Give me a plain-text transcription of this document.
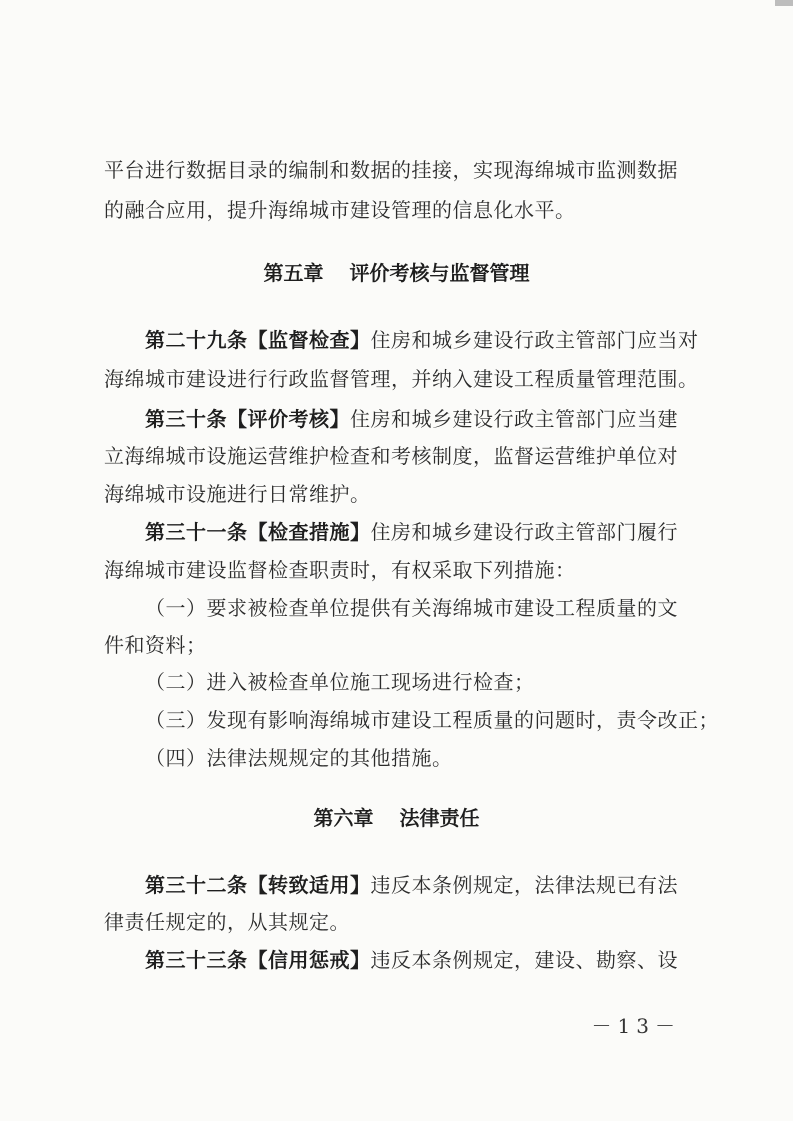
平台进行数据目录的编制和数据的挂接，实现海绵城市监测数据
的融合应用，提升海绵城市建设管理的信息化水平。
第五章 评价考核与监督管理
第二十九条【监督检查】住房和城乡建设行政主管部门应当对
海绵城市建设进行行政监督管理，并纳入建设工程质量管理范围。
第三十条【评价考核】住房和城乡建设行政主管部门应当建
立海绵城市设施运营维护检查和考核制度，监督运营维护单位对
海绵城市设施进行日常维护。
第三十一条【检查措施】住房和城乡建设行政主管部门履行
海绵城市建设监督检查职责时，有权采取下列措施：
（一）要求被检查单位提供有关海绵城市建设工程质量的文
件和资料；
（二）进入被检查单位施工现场进行检查；
（三）发现有影响海绵城市建设工程质量的问题时，责令改正；
（四）法律法规规定的其他措施。
第六章 法律责任
第三十二条【转致适用】违反本条例规定，法律法规已有法
律责任规定的，从其规定。
第三十三条【信用惩戒】违反本条例规定，建设、勘察、设
－13－
